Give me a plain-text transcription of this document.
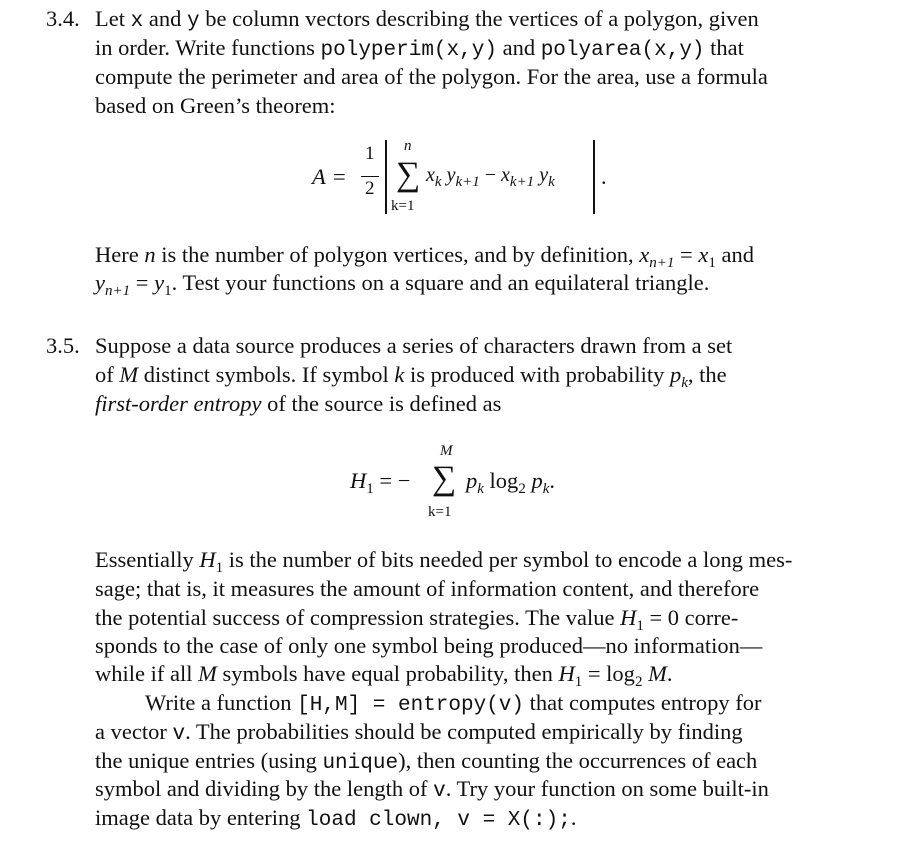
3.4. Let x and y be column vectors describing the vertices of a polygon, given
in order. Write functions polyperim(x,y) and polyarea(x,y) that
compute the perimeter and area of the polygon. For the area, use a formula
based on Green’s theorem:
A =
1
2
n
∑
k=1
$x_k$ $y_{k+1} - x_{k+1}$ $y_k$ .
Here n is the number of polygon vertices, and by definition, $x_{n+1} = x_1$ and
$y_{n+1} = y_1$. Test your functions on a square and an equilateral triangle.
3.5. Suppose a data source produces a series of characters drawn from a set
of M distinct symbols. If symbol k is produced with probability $p_k$, the
first-order entropy of the source is defined as
$H_1$ = −
M
∑
k=1
$p_k$ $\log_2 p_k$.
Essentially $H_1$ is the number of bits needed per symbol to encode a long mes-
sage; that is, it measures the amount of information content, and therefore
the potential success of compression strategies. The value $H_1 = 0$ corre-
sponds to the case of only one symbol being produced—no information—
while if all M symbols have equal probability, then $H_1 = \log_2 M$.
Write a function [H,M] = entropy(v) that computes entropy for
a vector v. The probabilities should be computed empirically by finding
the unique entries (using unique), then counting the occurrences of each
symbol and dividing by the length of v. Try your function on some built-in
image data by entering load clown, v = X(:);.
